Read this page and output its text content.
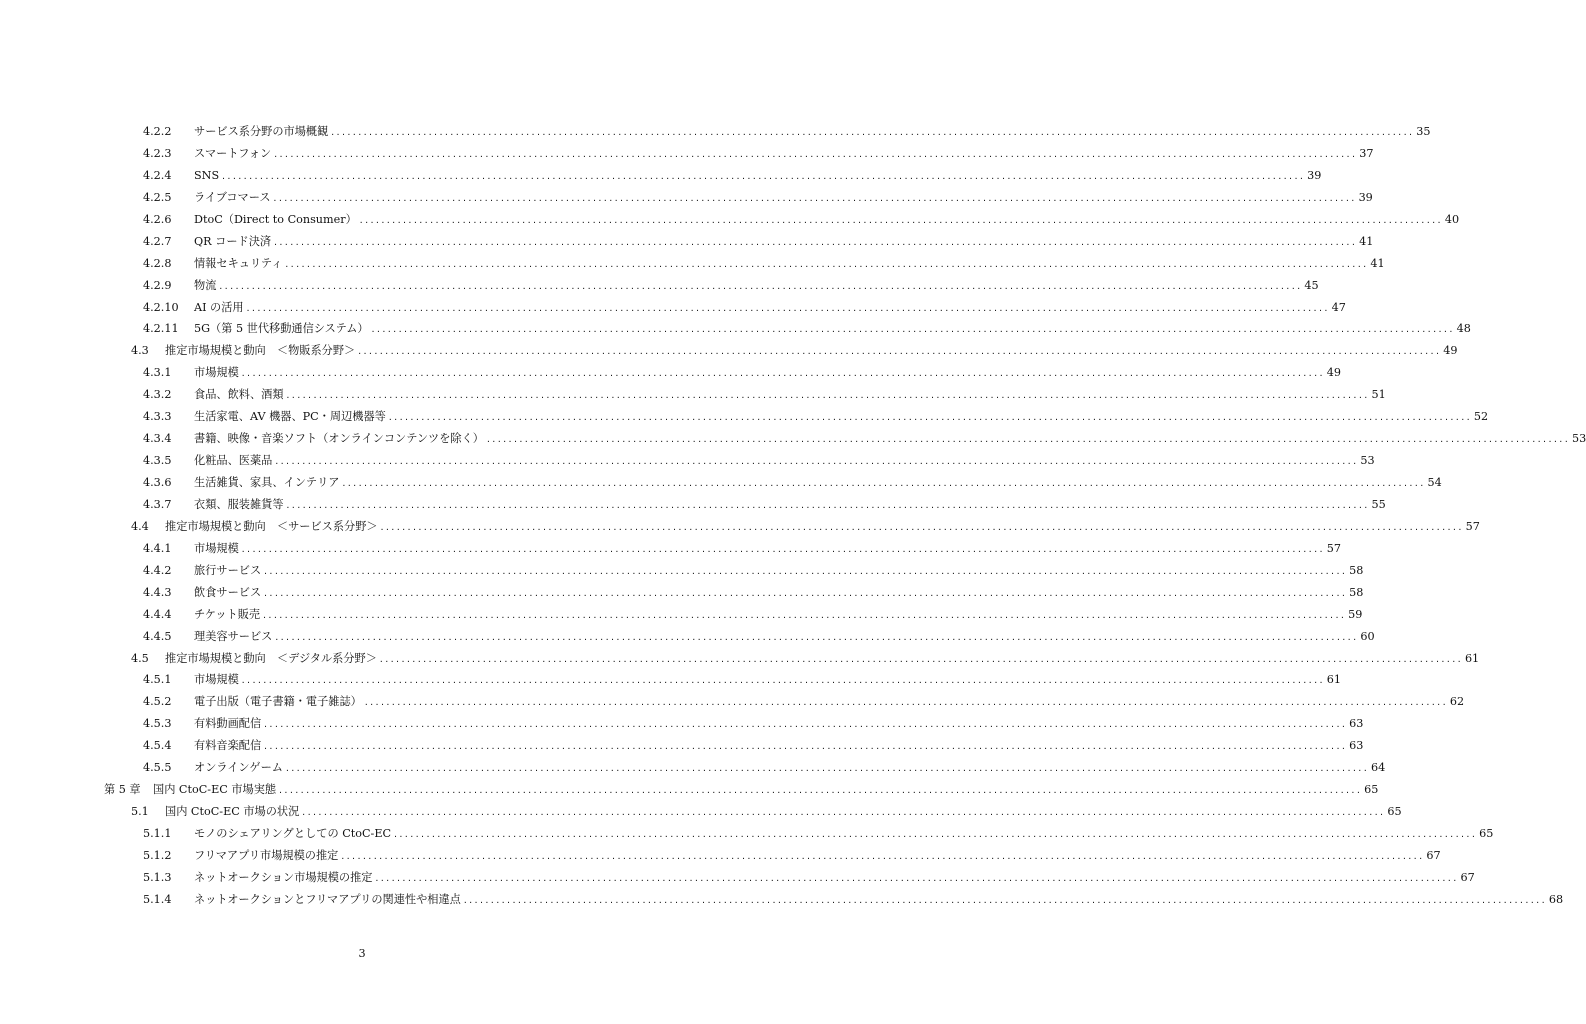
4.2.2 サービス系分野の市場概観 ........................................................................................................................................................................................................ 35
4.2.3 スマートフォン ........................................................................................................................................................................................................ 37
4.2.4 SNS ........................................................................................................................................................................................................ 39
4.2.5 ライブコマース ........................................................................................................................................................................................................ 39
4.2.6 DtoC（Direct to Consumer） ........................................................................................................................................................................................................ 40
4.2.7 QR コード決済 ........................................................................................................................................................................................................ 41
4.2.8 情報セキュリティ ........................................................................................................................................................................................................ 41
4.2.9 物流 ........................................................................................................................................................................................................ 45
4.2.10 AI の活用 ........................................................................................................................................................................................................ 47
4.2.11 5G（第 5 世代移動通信システム） ........................................................................................................................................................................................................ 48
4.3 推定市場規模と動向　＜物販系分野＞ ........................................................................................................................................................................................................ 49
4.3.1 市場規模 ........................................................................................................................................................................................................ 49
4.3.2 食品、飲料、酒類 ........................................................................................................................................................................................................ 51
4.3.3 生活家電、AV 機器、PC・周辺機器等 ........................................................................................................................................................................................................ 52
4.3.4 書籍、映像・音楽ソフト（オンラインコンテンツを除く） ........................................................................................................................................................................................................ 53
4.3.5 化粧品、医薬品 ........................................................................................................................................................................................................ 53
4.3.6 生活雑貨、家具、インテリア ........................................................................................................................................................................................................ 54
4.3.7 衣類、服装雑貨等 ........................................................................................................................................................................................................ 55
4.4 推定市場規模と動向　＜サービス系分野＞ ........................................................................................................................................................................................................ 57
4.4.1 市場規模 ........................................................................................................................................................................................................ 57
4.4.2 旅行サービス ........................................................................................................................................................................................................ 58
4.4.3 飲食サービス ........................................................................................................................................................................................................ 58
4.4.4 チケット販売 ........................................................................................................................................................................................................ 59
4.4.5 理美容サービス ........................................................................................................................................................................................................ 60
4.5 推定市場規模と動向　＜デジタル系分野＞ ........................................................................................................................................................................................................ 61
4.5.1 市場規模 ........................................................................................................................................................................................................ 61
4.5.2 電子出版（電子書籍・電子雑誌） ........................................................................................................................................................................................................ 62
4.5.3 有料動画配信 ........................................................................................................................................................................................................ 63
4.5.4 有料音楽配信 ........................................................................................................................................................................................................ 63
4.5.5 オンラインゲーム ........................................................................................................................................................................................................ 64
第 5 章 国内 CtoC-EC 市場実態 ........................................................................................................................................................................................................ 65
5.1 国内 CtoC-EC 市場の状況 ........................................................................................................................................................................................................ 65
5.1.1 モノのシェアリングとしての CtoC-EC ........................................................................................................................................................................................................ 65
5.1.2 フリマアプリ市場規模の推定 ........................................................................................................................................................................................................ 67
5.1.3 ネットオークション市場規模の推定 ........................................................................................................................................................................................................ 67
5.1.4 ネットオークションとフリマアプリの関連性や相違点 ........................................................................................................................................................................................................ 68
3
